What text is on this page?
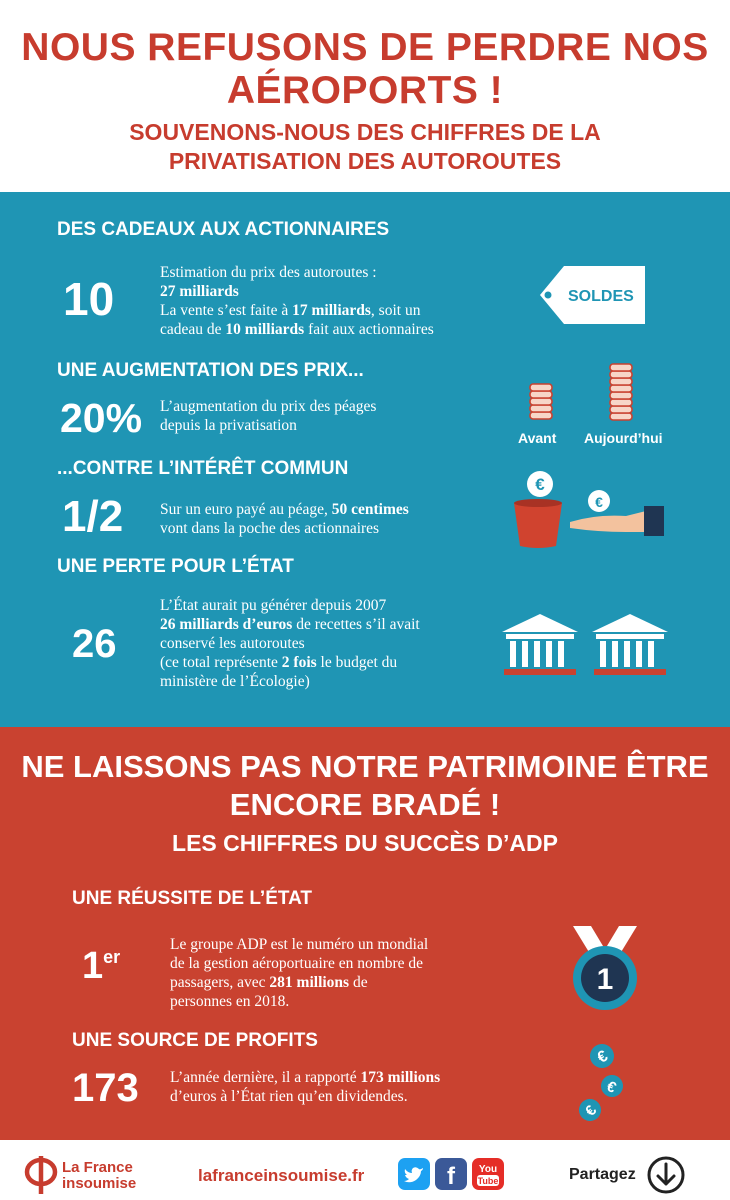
NOUS REFUSONS DE PERDRE NOS
AÉROPORTS !
SOUVENONS-NOUS DES CHIFFRES DE LA
PRIVATISATION DES AUTOROUTES
DES CADEAUX AUX ACTIONNAIRES
10
Estimation du prix des autoroutes :
27 milliards
La vente s’est faite à 17 milliards, soit un
cadeau de 10 milliards fait aux actionnaires
SOLDES
UNE AUGMENTATION DES PRIX...
20% L’augmentation du prix des péages
depuis la privatisation
Avant Aujourd’hui
...CONTRE L’INTÉRÊT COMMUN
1/2 Sur un euro payé au péage, 50 centimes
vont dans la poche des actionnaires
€
€
UNE PERTE POUR L’ÉTAT
26
L’État aurait pu générer depuis 2007
26 milliards d’euros de recettes s’il avait
conservé les autoroutes
(ce total représente 2 fois le budget du
ministère de l’Écologie)
NE LAISSONS PAS NOTRE PATRIMOINE ÊTRE
ENCORE BRADÉ !
LES CHIFFRES DU SUCCÈS D’ADP
UNE RÉUSSITE DE L’ÉTAT
1er
Le groupe ADP est le numéro un mondial
de la gestion aéroportuaire en nombre de
passagers, avec 281 millions de
personnes en 2018.
1
UNE SOURCE DE PROFITS
173 L’année dernière, il a rapporté 173 millions
d’euros à l’État rien qu’en dividendes.
€
€
€
La France
insoumise	lafranceinsoumise.fr	f You
Tube	Partagez
